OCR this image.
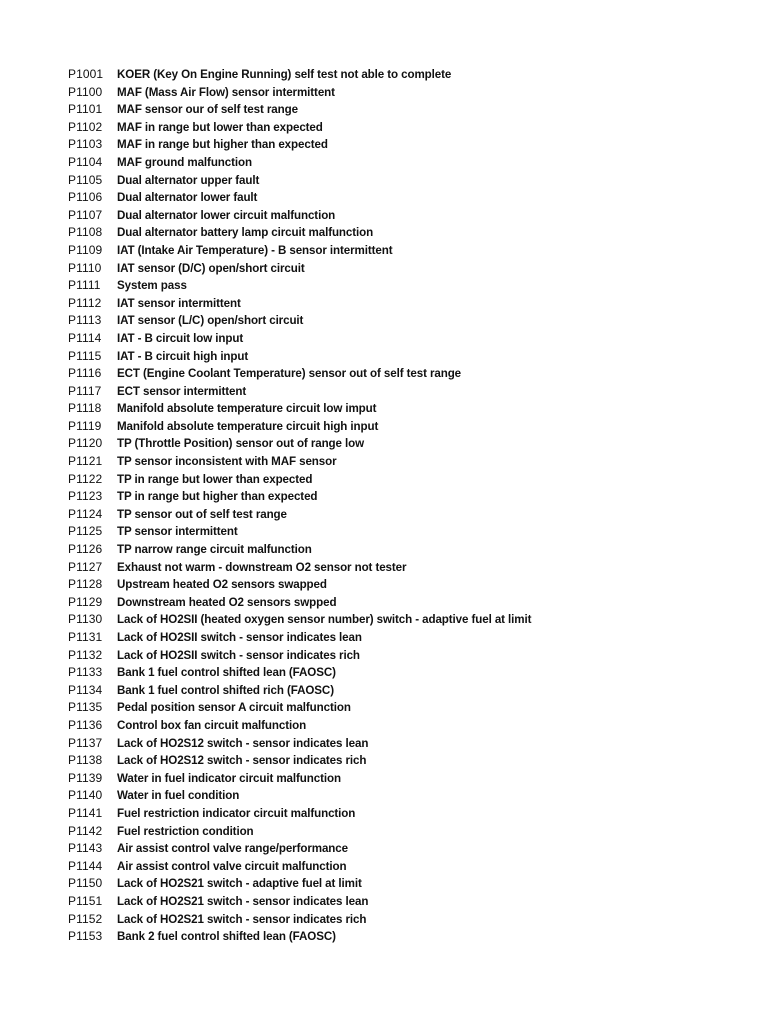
P1001 KOER (Key On Engine Running) self test not able to complete
P1100 MAF (Mass Air Flow) sensor intermittent
P1101 MAF sensor our of self test range
P1102 MAF in range but lower than expected
P1103 MAF in range but higher than expected
P1104 MAF ground malfunction
P1105 Dual alternator upper fault
P1106 Dual alternator lower fault
P1107 Dual alternator lower circuit malfunction
P1108 Dual alternator battery lamp circuit malfunction
P1109 IAT (Intake Air Temperature) - B sensor intermittent
P1110 IAT sensor (D/C) open/short circuit
P1111 System pass
P1112 IAT sensor intermittent
P1113 IAT sensor (L/C) open/short circuit
P1114 IAT - B circuit low input
P1115 IAT - B circuit high input
P1116 ECT (Engine Coolant Temperature) sensor out of self test range
P1117 ECT sensor intermittent
P1118 Manifold absolute temperature circuit low imput
P1119 Manifold absolute temperature circuit high input
P1120 TP (Throttle Position) sensor out of range low
P1121 TP sensor inconsistent with MAF sensor
P1122 TP in range but lower than expected
P1123 TP in range but higher than expected
P1124 TP sensor out of self test range
P1125 TP sensor intermittent
P1126 TP narrow range circuit malfunction
P1127 Exhaust not warm - downstream O2 sensor not tester
P1128 Upstream heated O2 sensors swapped
P1129 Downstream heated O2 sensors swpped
P1130 Lack of HO2SII (heated oxygen sensor number) switch - adaptive fuel at limit
P1131 Lack of HO2SII switch - sensor indicates lean
P1132 Lack of HO2SII switch - sensor indicates rich
P1133 Bank 1 fuel control shifted lean (FAOSC)
P1134 Bank 1 fuel control shifted rich (FAOSC)
P1135 Pedal position sensor A circuit malfunction
P1136 Control box fan circuit malfunction
P1137 Lack of HO2S12 switch - sensor indicates lean
P1138 Lack of HO2S12 switch - sensor indicates rich
P1139 Water in fuel indicator circuit malfunction
P1140 Water in fuel condition
P1141 Fuel restriction indicator circuit malfunction
P1142 Fuel restriction condition
P1143 Air assist control valve range/performance
P1144 Air assist control valve circuit malfunction
P1150 Lack of HO2S21 switch - adaptive fuel at limit
P1151 Lack of HO2S21 switch - sensor indicates lean
P1152 Lack of HO2S21 switch - sensor indicates rich
P1153 Bank 2 fuel control shifted lean (FAOSC)
